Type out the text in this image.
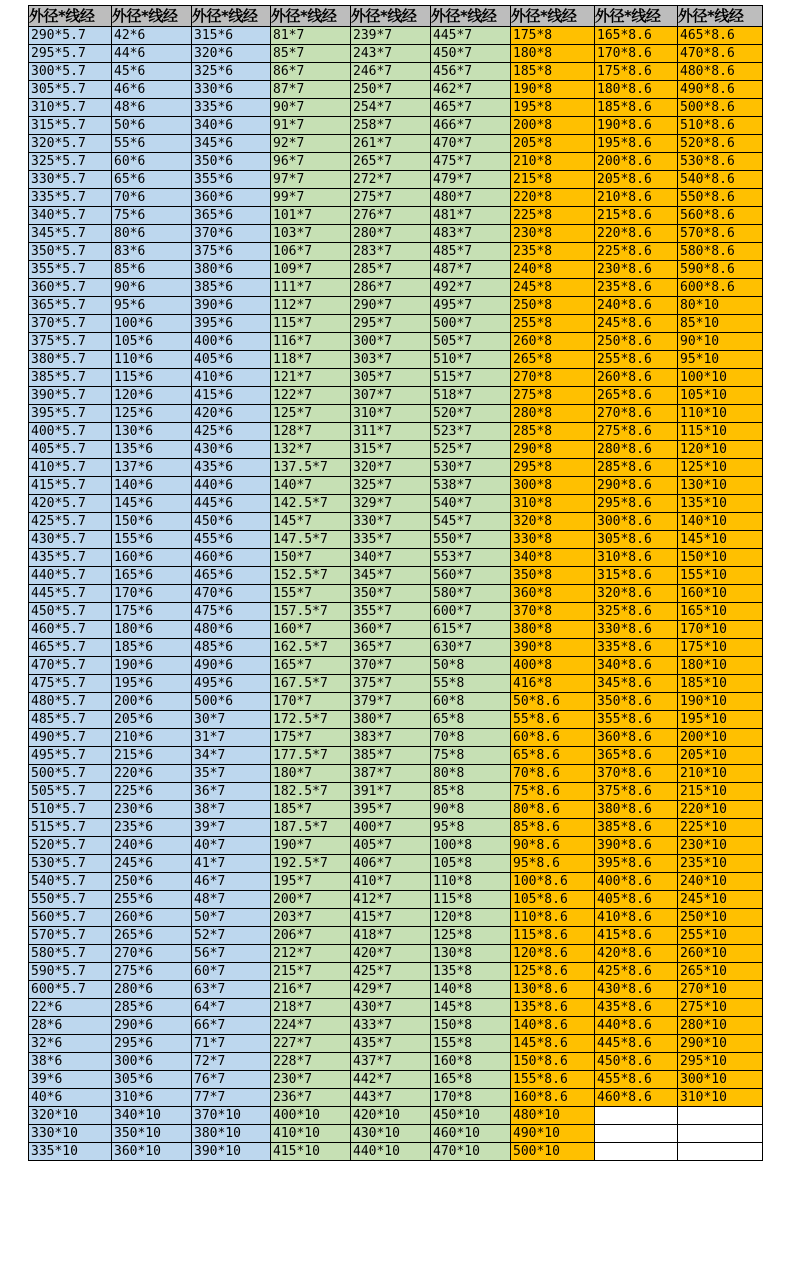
外径*线经	外径*线经	外径*线经	外径*线经	外径*线经	外径*线经	外径*线经	外径*线经	外径*线经
290*5.7	42*6	315*6	81*7	239*7	445*7	175*8	165*8.6	465*8.6
295*5.7	44*6	320*6	85*7	243*7	450*7	180*8	170*8.6	470*8.6
300*5.7	45*6	325*6	86*7	246*7	456*7	185*8	175*8.6	480*8.6
305*5.7	46*6	330*6	87*7	250*7	462*7	190*8	180*8.6	490*8.6
310*5.7	48*6	335*6	90*7	254*7	465*7	195*8	185*8.6	500*8.6
315*5.7	50*6	340*6	91*7	258*7	466*7	200*8	190*8.6	510*8.6
320*5.7	55*6	345*6	92*7	261*7	470*7	205*8	195*8.6	520*8.6
325*5.7	60*6	350*6	96*7	265*7	475*7	210*8	200*8.6	530*8.6
330*5.7	65*6	355*6	97*7	272*7	479*7	215*8	205*8.6	540*8.6
335*5.7	70*6	360*6	99*7	275*7	480*7	220*8	210*8.6	550*8.6
340*5.7	75*6	365*6	101*7	276*7	481*7	225*8	215*8.6	560*8.6
345*5.7	80*6	370*6	103*7	280*7	483*7	230*8	220*8.6	570*8.6
350*5.7	83*6	375*6	106*7	283*7	485*7	235*8	225*8.6	580*8.6
355*5.7	85*6	380*6	109*7	285*7	487*7	240*8	230*8.6	590*8.6
360*5.7	90*6	385*6	111*7	286*7	492*7	245*8	235*8.6	600*8.6
365*5.7	95*6	390*6	112*7	290*7	495*7	250*8	240*8.6	80*10
370*5.7	100*6	395*6	115*7	295*7	500*7	255*8	245*8.6	85*10
375*5.7	105*6	400*6	116*7	300*7	505*7	260*8	250*8.6	90*10
380*5.7	110*6	405*6	118*7	303*7	510*7	265*8	255*8.6	95*10
385*5.7	115*6	410*6	121*7	305*7	515*7	270*8	260*8.6	100*10
390*5.7	120*6	415*6	122*7	307*7	518*7	275*8	265*8.6	105*10
395*5.7	125*6	420*6	125*7	310*7	520*7	280*8	270*8.6	110*10
400*5.7	130*6	425*6	128*7	311*7	523*7	285*8	275*8.6	115*10
405*5.7	135*6	430*6	132*7	315*7	525*7	290*8	280*8.6	120*10
410*5.7	137*6	435*6	137.5*7	320*7	530*7	295*8	285*8.6	125*10
415*5.7	140*6	440*6	140*7	325*7	538*7	300*8	290*8.6	130*10
420*5.7	145*6	445*6	142.5*7	329*7	540*7	310*8	295*8.6	135*10
425*5.7	150*6	450*6	145*7	330*7	545*7	320*8	300*8.6	140*10
430*5.7	155*6	455*6	147.5*7	335*7	550*7	330*8	305*8.6	145*10
435*5.7	160*6	460*6	150*7	340*7	553*7	340*8	310*8.6	150*10
440*5.7	165*6	465*6	152.5*7	345*7	560*7	350*8	315*8.6	155*10
445*5.7	170*6	470*6	155*7	350*7	580*7	360*8	320*8.6	160*10
450*5.7	175*6	475*6	157.5*7	355*7	600*7	370*8	325*8.6	165*10
460*5.7	180*6	480*6	160*7	360*7	615*7	380*8	330*8.6	170*10
465*5.7	185*6	485*6	162.5*7	365*7	630*7	390*8	335*8.6	175*10
470*5.7	190*6	490*6	165*7	370*7	50*8	400*8	340*8.6	180*10
475*5.7	195*6	495*6	167.5*7	375*7	55*8	416*8	345*8.6	185*10
480*5.7	200*6	500*6	170*7	379*7	60*8	50*8.6	350*8.6	190*10
485*5.7	205*6	30*7	172.5*7	380*7	65*8	55*8.6	355*8.6	195*10
490*5.7	210*6	31*7	175*7	383*7	70*8	60*8.6	360*8.6	200*10
495*5.7	215*6	34*7	177.5*7	385*7	75*8	65*8.6	365*8.6	205*10
500*5.7	220*6	35*7	180*7	387*7	80*8	70*8.6	370*8.6	210*10
505*5.7	225*6	36*7	182.5*7	391*7	85*8	75*8.6	375*8.6	215*10
510*5.7	230*6	38*7	185*7	395*7	90*8	80*8.6	380*8.6	220*10
515*5.7	235*6	39*7	187.5*7	400*7	95*8	85*8.6	385*8.6	225*10
520*5.7	240*6	40*7	190*7	405*7	100*8	90*8.6	390*8.6	230*10
530*5.7	245*6	41*7	192.5*7	406*7	105*8	95*8.6	395*8.6	235*10
540*5.7	250*6	46*7	195*7	410*7	110*8	100*8.6	400*8.6	240*10
550*5.7	255*6	48*7	200*7	412*7	115*8	105*8.6	405*8.6	245*10
560*5.7	260*6	50*7	203*7	415*7	120*8	110*8.6	410*8.6	250*10
570*5.7	265*6	52*7	206*7	418*7	125*8	115*8.6	415*8.6	255*10
580*5.7	270*6	56*7	212*7	420*7	130*8	120*8.6	420*8.6	260*10
590*5.7	275*6	60*7	215*7	425*7	135*8	125*8.6	425*8.6	265*10
600*5.7	280*6	63*7	216*7	429*7	140*8	130*8.6	430*8.6	270*10
22*6	285*6	64*7	218*7	430*7	145*8	135*8.6	435*8.6	275*10
28*6	290*6	66*7	224*7	433*7	150*8	140*8.6	440*8.6	280*10
32*6	295*6	71*7	227*7	435*7	155*8	145*8.6	445*8.6	290*10
38*6	300*6	72*7	228*7	437*7	160*8	150*8.6	450*8.6	295*10
39*6	305*6	76*7	230*7	442*7	165*8	155*8.6	455*8.6	300*10
40*6	310*6	77*7	236*7	443*7	170*8	160*8.6	460*8.6	310*10
320*10	340*10	370*10	400*10	420*10	450*10	480*10		
330*10	350*10	380*10	410*10	430*10	460*10	490*10		
335*10	360*10	390*10	415*10	440*10	470*10	500*10		
